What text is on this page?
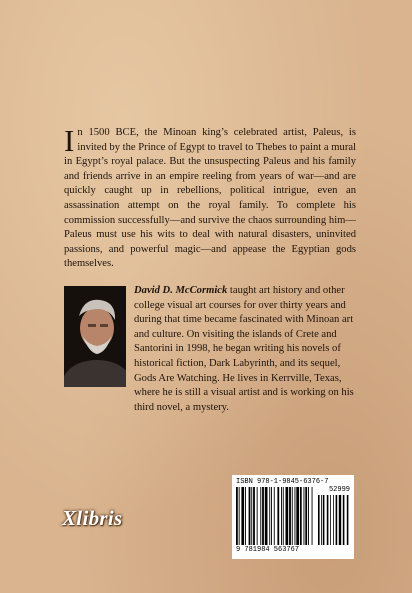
In 1500 BCE, the Minoan king’s celebrated artist, Paleus, is invited by the Prince of Egypt to travel to Thebes to paint a mural in Egypt’s royal palace. But the unsuspecting Paleus and his family and friends arrive in an empire reeling from years of war—and are quickly caught up in rebellions, political intrigue, even an assassination attempt on the royal family. To complete his commission successfully—and survive the chaos surrounding him—Paleus must use his wits to deal with natural disasters, uninvited passions, and powerful magic—and appease the Egyptian gods themselves.
David D. McCormick taught art history and other college visual art courses for over thirty years and during that time became fascinated with Minoan art and culture. On visiting the islands of Crete and Santorini in 1998, he began writing his novels of historical fiction, Dark Labyrinth, and its sequel, Gods Are Watching. He lives in Kerrville, Texas, where he is still a visual artist and is working on his third novel, a mystery.
Xlibris
ISBN 978-1-9845-6376-7
52999
9 781984 563767
